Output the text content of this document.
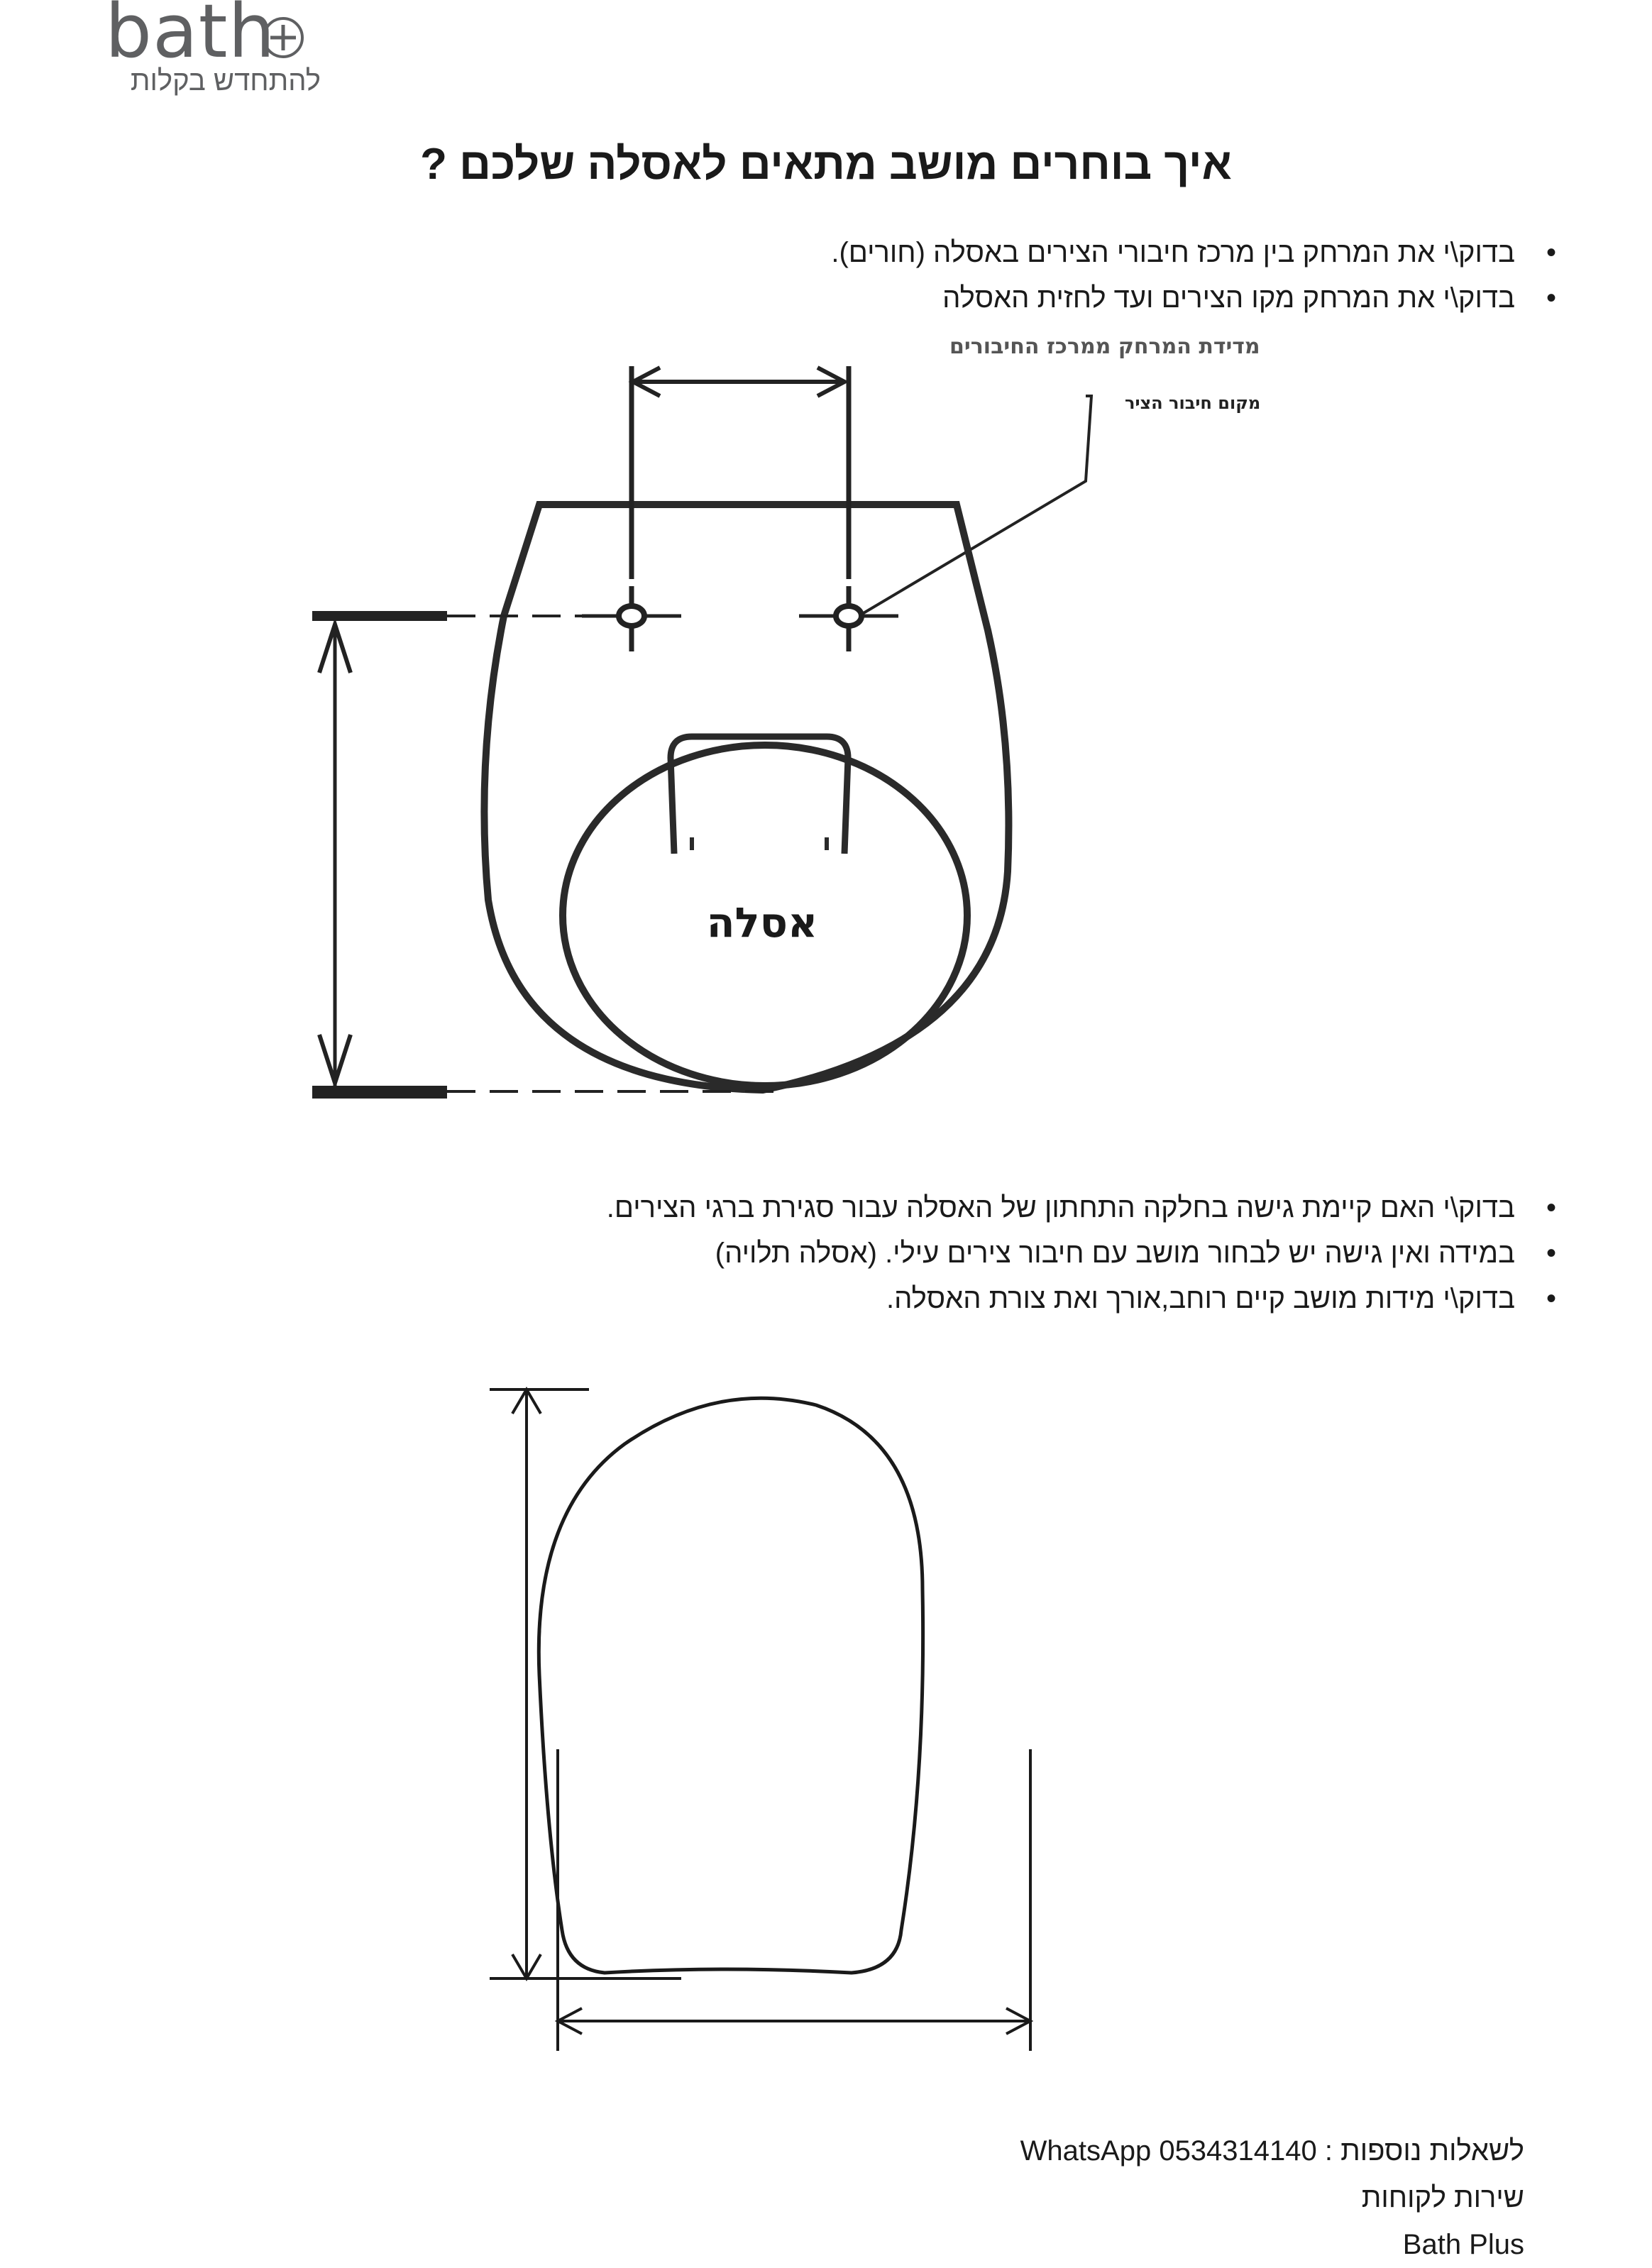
bath
להתחדש בקלות
איך בוחרים מושב מתאים לאסלה שלכם ?
• בדוק\י את המרחק בין מרכז חיבורי הצירים באסלה (חורים).
• בדוק\י את המרחק מקו הצירים ועד לחזית האסלה
מדידת המרחק ממרכז החיבורים
מקום חיבור הציר
אסלה
• בדוק\י האם קיימת גישה בחלקה התחתון של האסלה עבור סגירת ברגי הצירים.
• במידה ואין גישה יש לבחור מושב עם חיבור צירים עילי. (אסלה תלויה)
• בדוק\י מידות מושב קיים רוחב,אורך ואת צורת האסלה.
לשאלות נוספות : WhatsApp 0534314140
שירות לקוחות
Bath Plus
